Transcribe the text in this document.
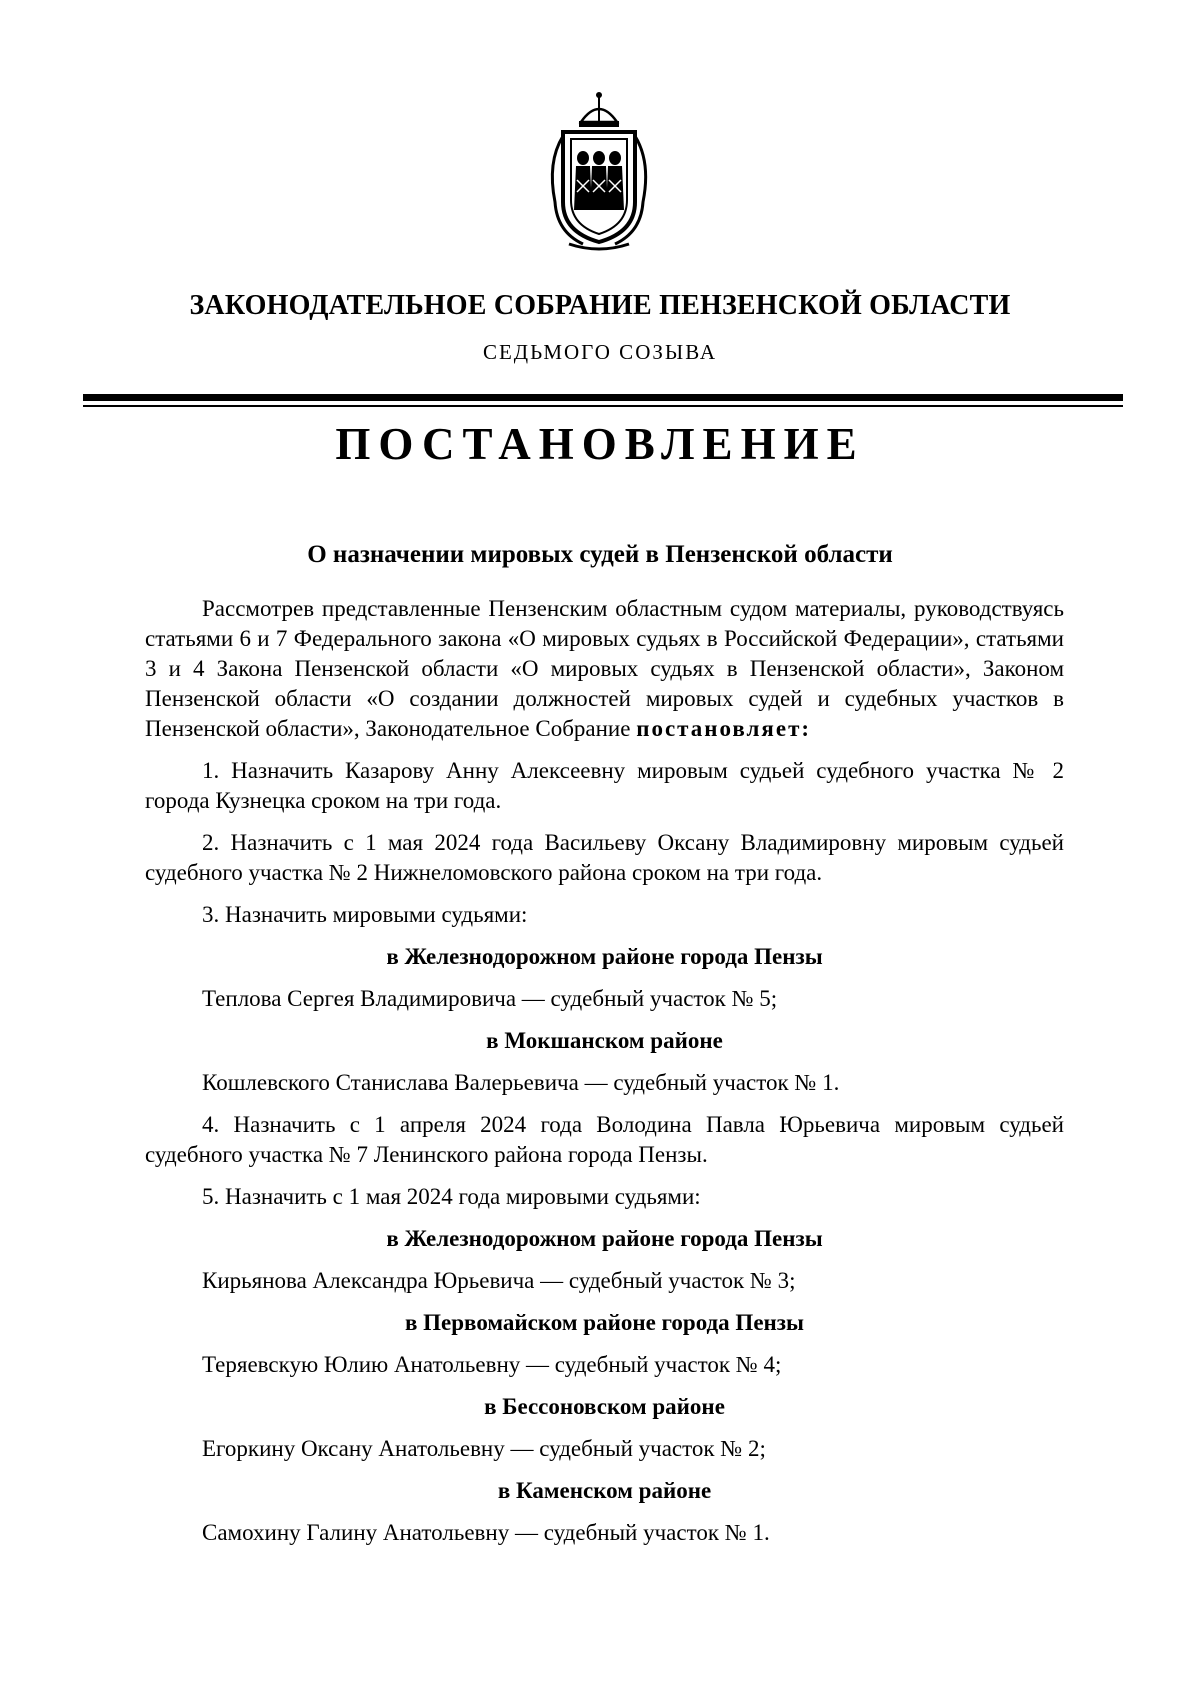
ЗАКОНОДАТЕЛЬНОЕ СОБРАНИЕ ПЕНЗЕНСКОЙ ОБЛАСТИ
СЕДЬМОГО СОЗЫВА
ПОСТАНОВЛЕНИЕ
О назначении мировых судей в Пензенской области

Рассмотрев представленные Пензенским областным судом материалы, руководствуясь статьями 6 и 7 Федерального закона «О мировых судьях в Российской Федерации», статьями 3 и 4 Закона Пензенской области «О мировых судьях в Пензенской области», Законом Пензенской области «О создании должностей мировых судей и судебных участков в Пензенской области», Законодательное Собрание постановляет:

1. Назначить Казарову Анну Алексеевну мировым судьей судебного участка № 2 города Кузнецка сроком на три года.

2. Назначить с 1 мая 2024 года Васильеву Оксану Владимировну мировым судьей судебного участка № 2 Нижнеломовского района сроком на три года.

3. Назначить мировыми судьями:

в Железнодорожном районе города Пензы

Теплова Сергея Владимировича — судебный участок № 5;

в Мокшанском районе

Кошлевского Станислава Валерьевича — судебный участок № 1.

4. Назначить с 1 апреля 2024 года Володина Павла Юрьевича мировым судьей судебного участка № 7 Ленинского района города Пензы.

5. Назначить с 1 мая 2024 года мировыми судьями:

в Железнодорожном районе города Пензы

Кирьянова Александра Юрьевича — судебный участок № 3;

в Первомайском районе города Пензы

Теряевскую Юлию Анатольевну — судебный участок № 4;

в Бессоновском районе

Егоркину Оксану Анатольевну — судебный участок № 2;

в Каменском районе

Самохину Галину Анатольевну — судебный участок № 1.
